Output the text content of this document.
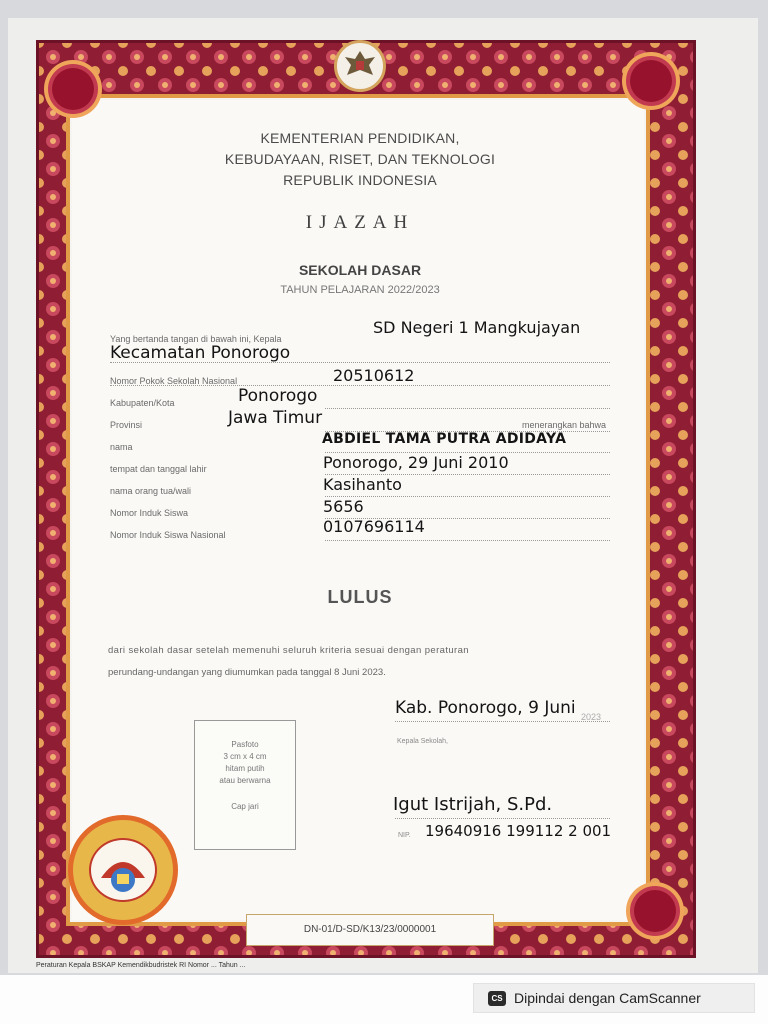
KEMENTERIAN PENDIDIKAN,
KEBUDAYAAN, RISET, DAN TEKNOLOGI
REPUBLIK INDONESIA
IJAZAH
SEKOLAH DASAR
TAHUN PELAJARAN 2022/2023
Yang bertanda tangan di bawah ini, Kepala
SD Negeri 1 Mangkujayan
Kecamatan Ponorogo
Nomor Pokok Sekolah Nasional	20510612
Kabupaten/Kota	Ponorogo
Provinsi	Jawa Timur	menerangkan bahwa
nama	ABDIEL TAMA PUTRA ADIDAYA
tempat dan tanggal lahir	Ponorogo, 29 Juni 2010
nama orang tua/wali	Kasihanto
Nomor Induk Siswa	5656
Nomor Induk Siswa Nasional	0107696114
LULUS
dari sekolah dasar setelah memenuhi seluruh kriteria sesuai dengan peraturan
perundang-undangan yang diumumkan pada tanggal 8 Juni 2023.
Kab. Ponorogo, 9 Juni 2023
Kepala Sekolah,
Igut Istrijah, S.Pd.
NIP. 19640916 199112 2 001
Pasfoto
3 cm x 4 cm
hitam putih
atau berwarna
Cap jari
DN-01/D-SD/K13/23/0000001
Peraturan Kepala BSKAP Kemendikbudristek RI Nomor ... Tahun ...
CS Dipindai dengan CamScanner
